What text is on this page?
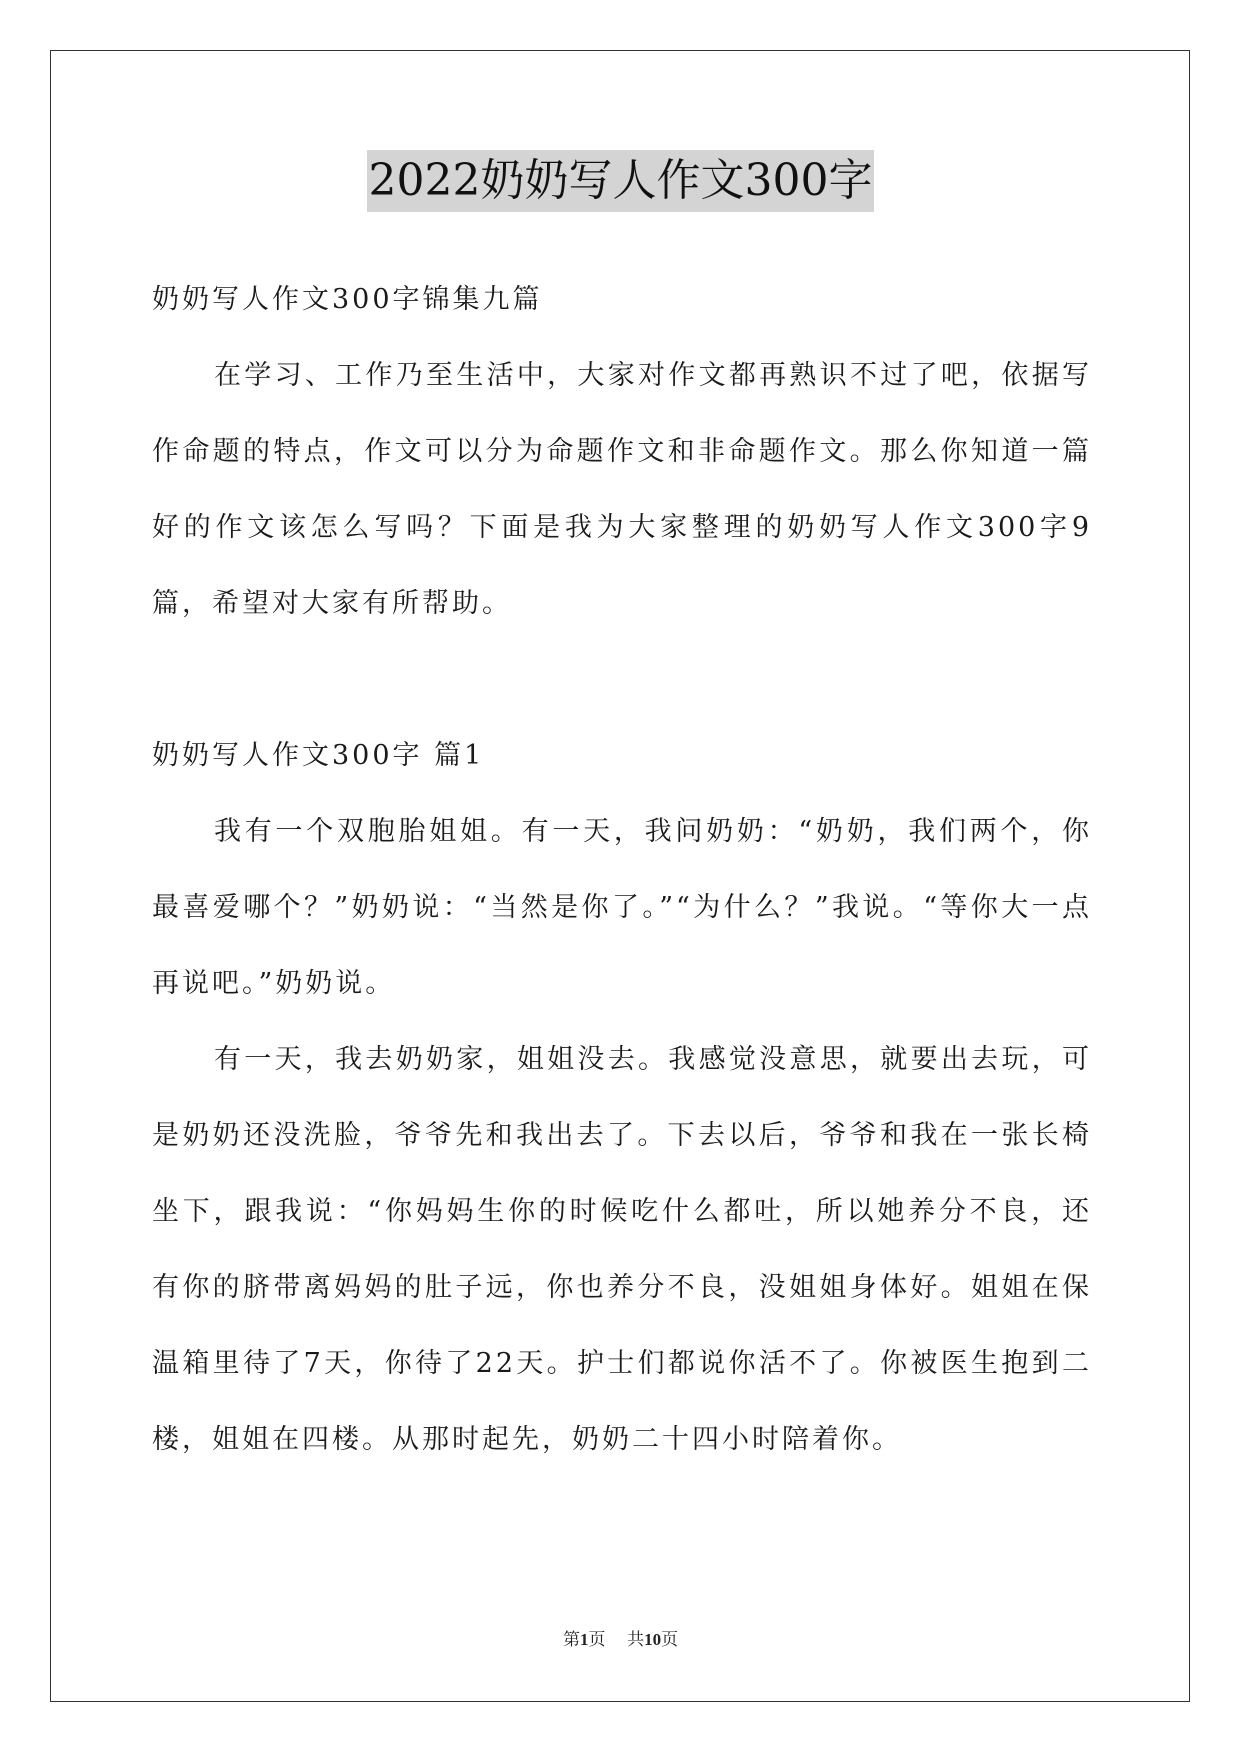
2022奶奶写人作文300字

奶奶写人作文300字锦集九篇

在学习、工作乃至生活中，大家对作文都再熟识不过了吧，依据写作命题的特点，作文可以分为命题作文和非命题作文。那么你知道一篇好的作文该怎么写吗？下面是我为大家整理的奶奶写人作文300字9篇，希望对大家有所帮助。

奶奶写人作文300字 篇1

我有一个双胞胎姐姐。有一天，我问奶奶：“奶奶，我们两个，你最喜爱哪个？”奶奶说：“当然是你了。”“为什么？”我说。“等你大一点再说吧。”奶奶说。

有一天，我去奶奶家，姐姐没去。我感觉没意思，就要出去玩，可是奶奶还没洗脸，爷爷先和我出去了。下去以后，爷爷和我在一张长椅坐下，跟我说：“你妈妈生你的时候吃什么都吐，所以她养分不良，还有你的脐带离妈妈的肚子远，你也养分不良，没姐姐身体好。姐姐在保温箱里待了7天，你待了22天。护士们都说你活不了。你被医生抱到二楼，姐姐在四楼。从那时起先，奶奶二十四小时陪着你。

第1页 共10页
